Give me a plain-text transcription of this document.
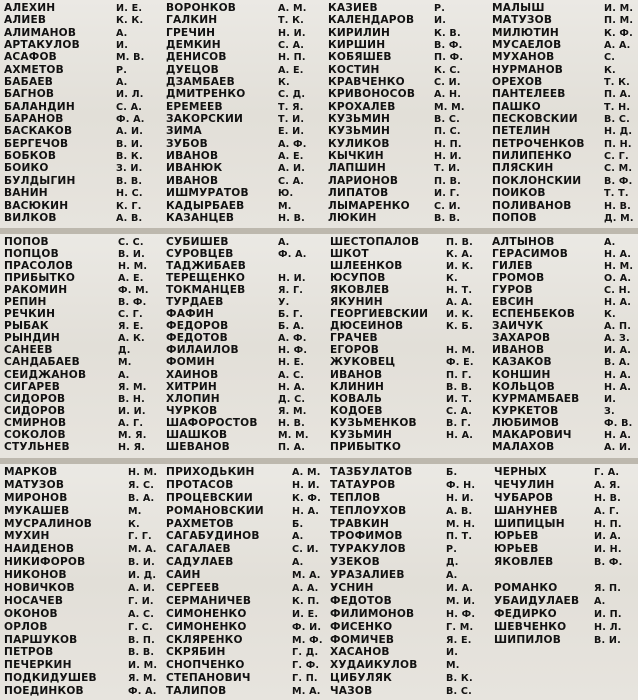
АЛЕХИН	И. Е.
АЛИЕВ	К. К.
АЛИМАНОВ	А.
АРТАКУЛОВ	И.
АСАФОВ	М. В.
АХМЕТОВ	Р.
БАБАЕВ	А.
БАГНОВ	И. Л.
БАЛАНДИН	С. А.
БАРАНОВ	Ф. А.
БАСКАКОВ	А. И.
БЕРГЕЧОВ	В. И.
БОБКОВ	В. К.
БОЙКО	З. И.
БУЛДЫГИН	В. В.
ВАНИН	Н. С.
ВАСЮКИН	К. Г.
ВИЛКОВ	А. В.
ВОРОНКОВ	А. М.
ГАЛКИН	Т. К.
ГРЕЧИН	Н. И.
ДЕМКИН	С. А.
ДЕНИСОВ	Н. П.
ДУЕЦОВ	А. Е.
ДЗАМБАЕВ	К.
ДМИТРЕНКО	С. Д.
ЕРЕМЕЕВ	Т. Я.
ЗАКОРСКИЙ	Т. И.
ЗИМА	Е. И.
ЗУБОВ	А. Ф.
ИВАНОВ	А. Е.
ИВАНЮК	А. И.
ИВАНОВ	С. А.
ИШМУРАТОВ	Ю.
КАДЫРБАЕВ	М.
КАЗАНЦЕВ	Н. В.
КАЗИЕВ	Р.
КАЛЕНДАРОВ	И.
КИРИЛИН	К. В.
КИРШИН	В. Ф.
КОБЯШЕВ	П. Ф.
КОСТИН	К. С.
КРАВЧЕНКО	С. И.
КРИВОНОСОВ	А. Н.
КРОХАЛЕВ	М. М.
КУЗЬМИН	В. С.
КУЗЬМИН	П. С.
КУЛИКОВ	Н. П.
КЫЧКИН	Н. И.
ЛАПШИН	Т. И.
ЛАРИОНОВ	П. В.
ЛИПАТОВ	И. Г.
ЛЫМАРЕНКО	С. И.
ЛЮКИН	В. В.
МАЛЫШ	И. М.
МАТУЗОВ	П. М.
МИЛЮТИН	К. Ф.
МУСАЕЛОВ	А. А.
МУХАНОВ	С.
НУРМАНОВ	К.
ОРЕХОВ	Т. К.
ПАНТЕЛЕЕВ	П. А.
ПАШКО	Т. Н.
ПЕСКОВСКИЙ	В. С.
ПЕТЕЛИН	Н. Д.
ПЕТРОЧЕНКОВ	П. Н.
ПИЛИПЕНКО	С. Г.
ПЛЯСКИН	С. М.
ПОКЛОНСКИЙ	В. Ф.
ПОИКОВ	Т. Т.
ПОЛИВАНОВ	Н. В.
ПОПОВ	Д. М.
ПОПОВ	С. С.
ПОПЦОВ	В. И.
ПРАСОЛОВ	Н. М.
ПРИБЫТКО	А. Е.
РАКОМИН	Ф. М.
РЕПИН	В. Ф.
РЕЧКИН	С. Г.
РЫБАК	Я. Е.
РЫНДИН	А. К.
САНЕЕВ	Д.
САНДАБАЕВ	М.
СЕЙДЖАНОВ	А.
СИГАРЕВ	Я. М.
СИДОРОВ	В. Н.
СИДОРОВ	И. И.
СМИРНОВ	А. Г.
СОКОЛОВ	М. Я.
СТУЛЬНЕВ	Н. Я.
СУБИШЕВ	А.
СУРОВЦЕВ	Ф. А.
ТАДЖИБАЕВ
ТЕРЕЩЕНКО	Н. И.
ТОКМАНЦЕВ	Я. Г.
ТУРДАЕВ	У.
ФАФИН	Б. Г.
ФЕДОРОВ	Б. А.
ФЕДОТОВ	А. Ф.
ФИЛАЙЛОВ	Н. Ф.
ФОМИН	Н. Е.
ХАЙНОВ	А. С.
ХИТРИН	Н. А.
ХЛОПИН	Д. С.
ЧУРКОВ	Я. М.
ШАФОРОСТОВ	Н. В.
ШАШКОВ	М. М.
ШЕВАНОВ	П. А.
ШЕСТОПАЛОВ	П. В.
ШКОТ	К. А.
ШЛЕЕНКОВ	И. К.
ЮСУПОВ	К.
ЯКОВЛЕВ	Н. Т.
ЯКУНИН	А. А.
ГЕОРГИЕВСКИЙ	И. К.
ДЮСЕЙНОВ	К. Б.
ГРАЧЕВ
ЕГОРОВ	Н. М.
ЖУКОВЕЦ	Ф. Е.
ИВАНОВ	П. Г.
КЛИНИН	В. В.
КОВАЛЬ	И. Т.
КОДОЕВ	С. А.
КУЗЬМЕНКОВ	В. Г.
КУЗЬМИН	Н. А.
ПРИБЫТКО
АЛТЫНОВ	А.
ГЕРАСИМОВ	Н. А.
ГИЛЕВ	Н. М.
ГРОМОВ	О. А.
ГУРОВ	С. Н.
ЕВСИН	Н. А.
ЕСПЕНБЕКОВ	К.
ЗАЙЧУК	А. П.
ЗАХАРОВ	А. З.
ИВАНОВ	И. А.
КАЗАКОВ	В. А.
КОНШИН	Н. А.
КОЛЬЦОВ	Н. А.
КУРМАМБАЕВ	И.
КУРКЕТОВ	З.
ЛЮБИМОВ	Ф. В.
МАКАРОВИЧ	Н. А.
МАЛАХОВ	А. И.
МАРКОВ	Н. М.
МАТУЗОВ	Я. С.
МИРОНОВ	В. А.
МУКАШЕВ	М.
МУСРАЛИНОВ	К.
МУХИН	Г. Г.
НАЙДЕНОВ	М. А.
НИКИФОРОВ	В. И.
НИКОНОВ	И. Д.
НОВИЧКОВ	А. И.
НОСАЧЕВ	Г. И.
ОКОНОВ	А. С.
ОРЛОВ	Г. С.
ПАРШУКОВ	В. П.
ПЕТРОВ	В. В.
ПЕЧЕРКИН	И. М.
ПОДКИДУШЕВ	Я. М.
ПОЕДИНКОВ	Ф. А.
ПРИХОДЬКИН	А. М.
ПРОТАСОВ	Н. И.
ПРОЦЕВСКИЙ	К. Ф.
РОМАНОВСКИЙ	Н. А.
РАХМЕТОВ	Б.
САГАБУДИНОВ	А.
САГАЛАЕВ	С. И.
САДУЛАЕВ	А.
САИН	М. А.
СЕРГЕЕВ	А. А.
СЕРМАНИЧЕВ	К. П.
СИМОНЕНКО	И. Е.
СИМОНЕНКО	Ф. И.
СКЛЯРЕНКО	М. Ф.
СКРЯБИН	Г. Д.
СНОПЧЕНКО	Г. Ф.
СТЕПАНОВИЧ	Г. П.
ТАЛИПОВ	М. А.
ТАЗБУЛАТОВ	Б.
ТАТАУРОВ	Ф. Н.
ТЕПЛОВ	Н. И.
ТЕПЛОУХОВ	А. В.
ТРАВКИН	М. Н.
ТРОФИМОВ	П. Т.
ТУРАКУЛОВ	Р.
УЗЕКОВ	Д.
УРАЗАЛИЕВ	А.
УСНИН	И. А.
ФЕДОТОВ	М. И.
ФИЛИМОНОВ	Н. Ф.
ФИСЕНКО	Г. М.
ФОМИЧЕВ	Я. Е.
ХАСАНОВ	И.
ХУДАЙКУЛОВ	М.
ЦИБУЛЯК	В. К.
ЧАЗОВ	В. С.
ЧЕРНЫХ	Г. А.
ЧЕЧУЛИН	А. Я.
ЧУБАРОВ	Н. В.
ШАНУНЕВ	А. Г.
ШИПИЦЫН	Н. П.
ЮРЬЕВ	И. А.
ЮРЬЕВ	И. Н.
ЯКОВЛЕВ	В. Ф.
РОМАНКО	Я. П.
УБАЙДУЛАЕВ	А.
ФЕДИРКО	И. П.
ШЕВЧЕНКО	Н. Л.
ШИПИЛОВ	В. И.
